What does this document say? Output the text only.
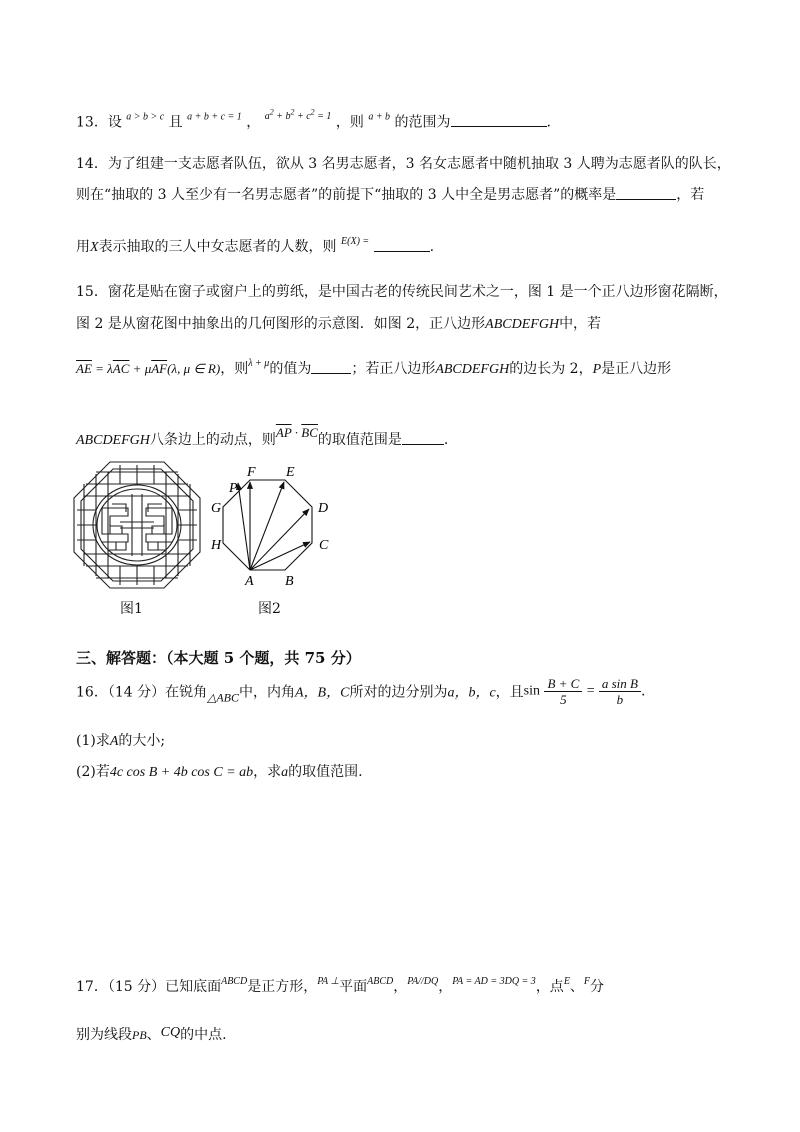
13．设 $^{a > b > c}$ 且 $^{a + b + c = 1}$ ， $^{a^2 + b^2 + c^2 = 1}$ ，则 $^{a + b}$ 的范围为	.
14．为了组建一支志愿者队伍，欲从 3 名男志愿者，3 名女志愿者中随机抽取 3 人聘为志愿者队的队长，
则在“抽取的 3 人至少有一名男志愿者”的前提下“抽取的 3 人中全是男志愿者”的概率是	，若
用X表示抽取的三人中女志愿者的人数，则 $^{E(X) =}$	.
15．窗花是贴在窗子或窗户上的剪纸，是中国古老的传统民间艺术之一，图 1 是一个正八边形窗花隔断，
图 2 是从窗花图中抽象出的几何图形的示意图．如图 2，正八边形ABCDEFGH中，若
$\overline{AE} = \lambda\overline{AC} + \mu\overline{AF}(\lambda$, μ ∈ R)，则$^{\lambda + \mu}$的值为	；若正八边形ABCDEFGH的边长为 2，P是正八边形
ABCDEFGH八条边上的动点，则$\overline{AP} \cdot \overline{BC}$的取值范围是	.
图1
A B
C
D
E
F
G
H
P
图2
三、解答题：（本大题 5 个题，共 75 分）
16．（14 分）在锐角△ABC中，内角A，B，C所对的边分别为a，b，c，且$\sin \frac{B + C}{5} = \frac{\text{a sin B}}{b}$ .
(1)求A的大小;
(2)若4c cos B + 4b cos C = ab，求a的取值范围.
17．（15 分）已知底面$^{ABCD}$是正方形，$^{PA \perp}$平面$^{ABCD}$，$^{PA//DQ}$，$^{PA = AD = 3DQ = 3}$，点$^E$、$^F$分
别为线段PB、CQ的中点.
